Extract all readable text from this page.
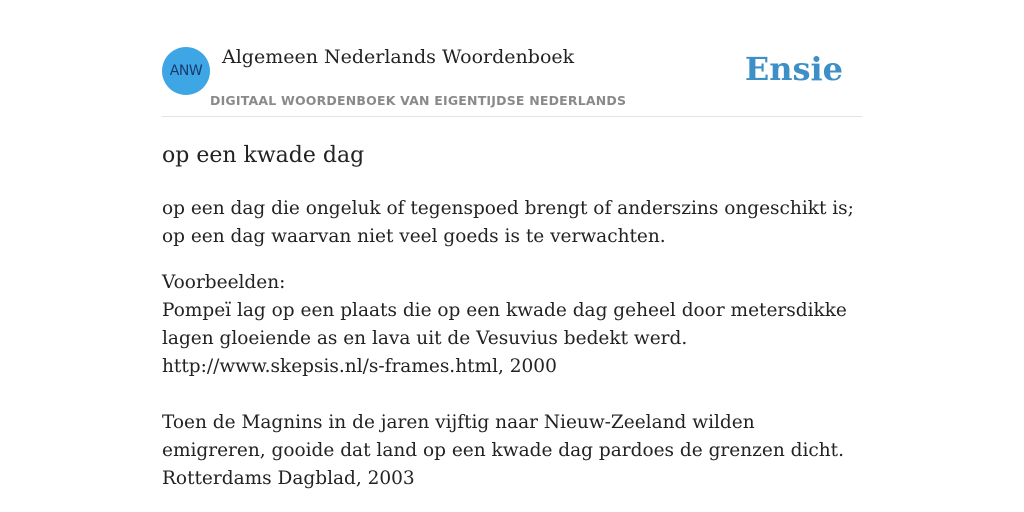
ANW
Algemeen Nederlands Woordenboek
DIGITAAL WOORDENBOEK VAN EIGENTIJDSE NEDERLANDS
Ensie
op een kwade dag
op een dag die ongeluk of tegenspoed brengt of anderszins ongeschikt is; op een dag waarvan niet veel goeds is te verwachten.
Voorbeelden:
Pompeï lag op een plaats die op een kwade dag geheel door metersdikke lagen gloeiende as en lava uit de Vesuvius bedekt werd.
http://www.skepsis.nl/s-frames.html, 2000
Toen de Magnins in de jaren vijftig naar Nieuw-Zeeland wilden emigreren, gooide dat land op een kwade dag pardoes de grenzen dicht.
Rotterdams Dagblad, 2003
